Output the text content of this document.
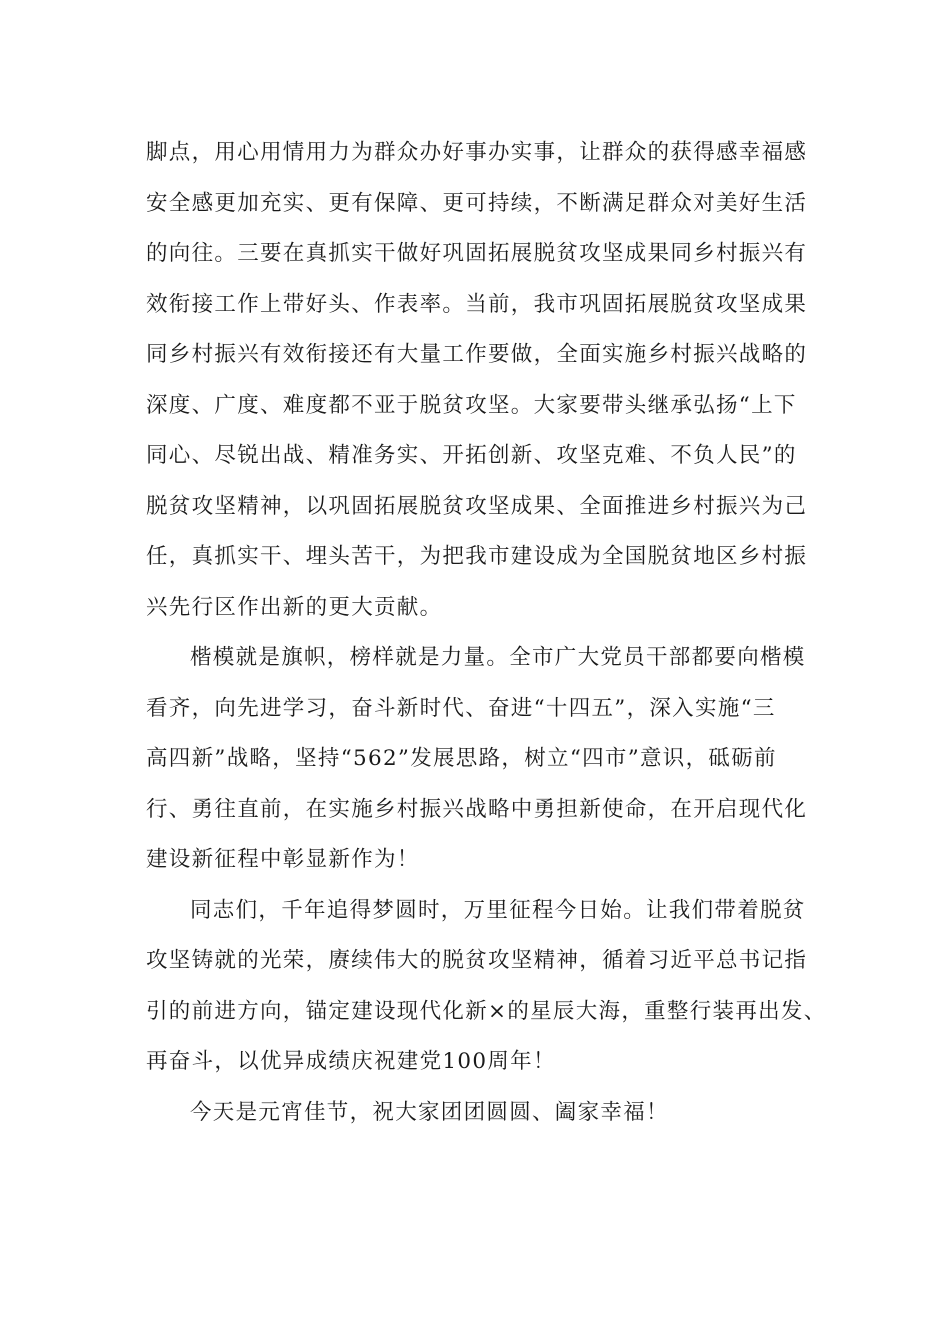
脚点，用心用情用力为群众办好事办实事，让群众的获得感幸福感
安全感更加充实、更有保障、更可持续，不断满足群众对美好生活
的向往。三要在真抓实干做好巩固拓展脱贫攻坚成果同乡村振兴有
效衔接工作上带好头、作表率。当前，我市巩固拓展脱贫攻坚成果
同乡村振兴有效衔接还有大量工作要做，全面实施乡村振兴战略的
深度、广度、难度都不亚于脱贫攻坚。大家要带头继承弘扬“上下
同心、尽锐出战、精准务实、开拓创新、攻坚克难、不负人民”的
脱贫攻坚精神，以巩固拓展脱贫攻坚成果、全面推进乡村振兴为己
任，真抓实干、埋头苦干，为把我市建设成为全国脱贫地区乡村振
兴先行区作出新的更大贡献。
楷模就是旗帜，榜样就是力量。全市广大党员干部都要向楷模
看齐，向先进学习，奋斗新时代、奋进“十四五”，深入实施“三
高四新”战略，坚持“562”发展思路，树立“四市”意识，砥砺前
行、勇往直前，在实施乡村振兴战略中勇担新使命，在开启现代化
建设新征程中彰显新作为！
同志们，千年追得梦圆时，万里征程今日始。让我们带着脱贫
攻坚铸就的光荣，赓续伟大的脱贫攻坚精神，循着习近平总书记指
引的前进方向，锚定建设现代化新×的星辰大海，重整行装再出发、
再奋斗，以优异成绩庆祝建党100周年！
今天是元宵佳节，祝大家团团圆圆、阖家幸福！
